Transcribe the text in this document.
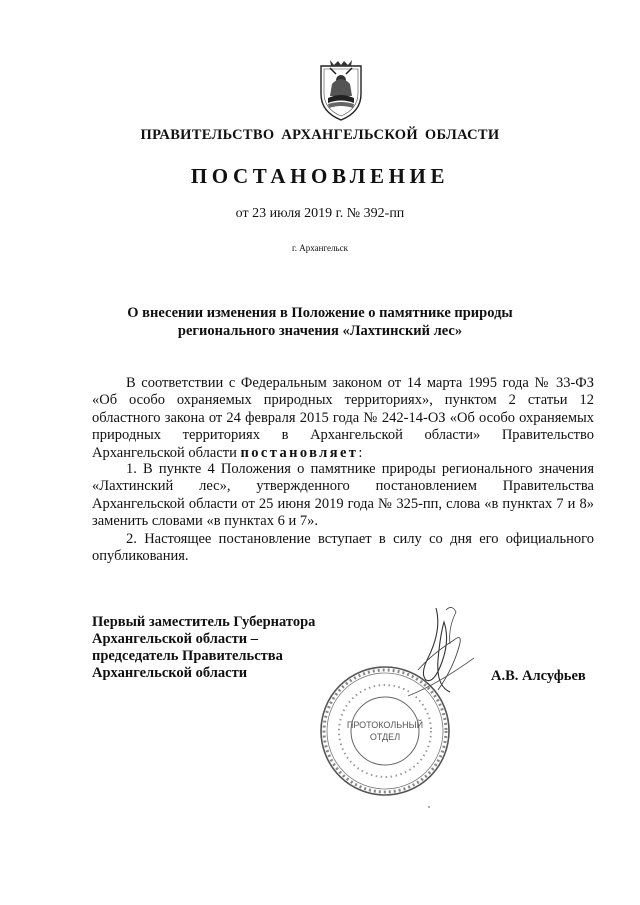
ПРАВИТЕЛЬСТВО АРХАНГЕЛЬСКОЙ ОБЛАСТИ
ПОСТАНОВЛЕНИЕ
от 23 июля 2019 г. № 392-пп
г. Архангельск
О внесении изменения в Положение о памятнике природы
регионального значения «Лахтинский лес»

В соответствии с Федеральным законом от 14 марта 1995 года № 33-ФЗ «Об особо охраняемых природных территориях», пунктом 2 статьи 12 областного закона от 24 февраля 2015 года № 242-14-ОЗ «Об особо охраняемых природных территориях в Архангельской области» Правительство Архангельской области постановляет:

1. В пункте 4 Положения о памятнике природы регионального значения «Лахтинский лес», утвержденного постановлением Правительства Архангельской области от 25 июня 2019 года № 325-пп, слова «в пунктах 7 и 8» заменить словами «в пунктах 6 и 7».

2. Настоящее постановление вступает в силу со дня его официального опубликования.

Первый заместитель Губернатора
Архангельской области –
председатель Правительства
Архангельской области	А.В. Алсуфьев
ПРОТОКОЛЬНЫЙ
ОТДЕЛ
